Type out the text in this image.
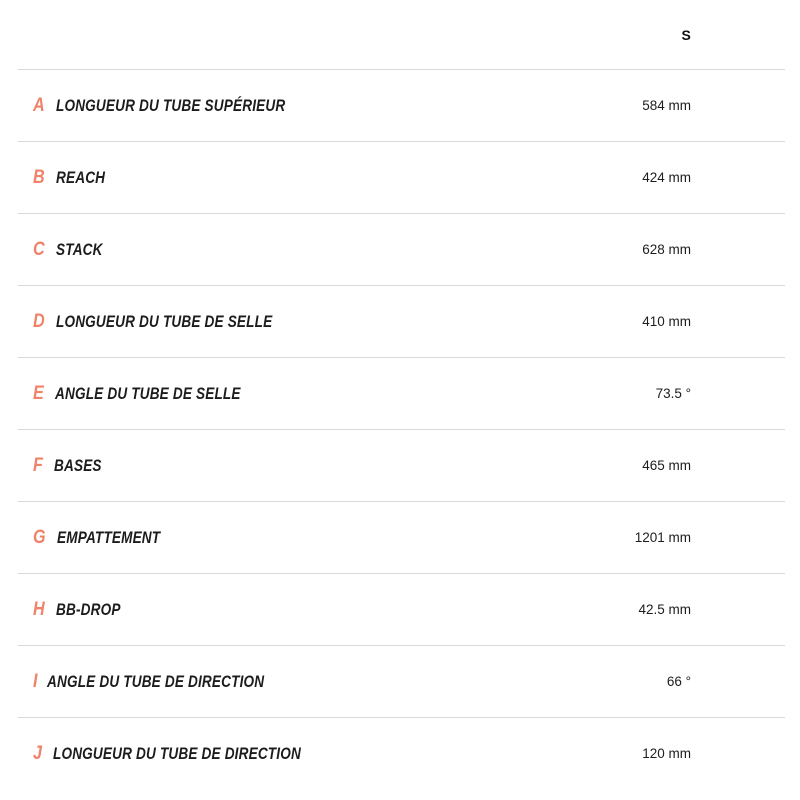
S
A LONGUEUR DU TUBE SUPÉRIEUR	584 mm
B REACH	424 mm
C STACK	628 mm
D LONGUEUR DU TUBE DE SELLE	410 mm
E ANGLE DU TUBE DE SELLE	73.5 °
F BASES	465 mm
G EMPATTEMENT	1201 mm
H BB-DROP	42.5 mm
I ANGLE DU TUBE DE DIRECTION	66 °
J LONGUEUR DU TUBE DE DIRECTION	120 mm
